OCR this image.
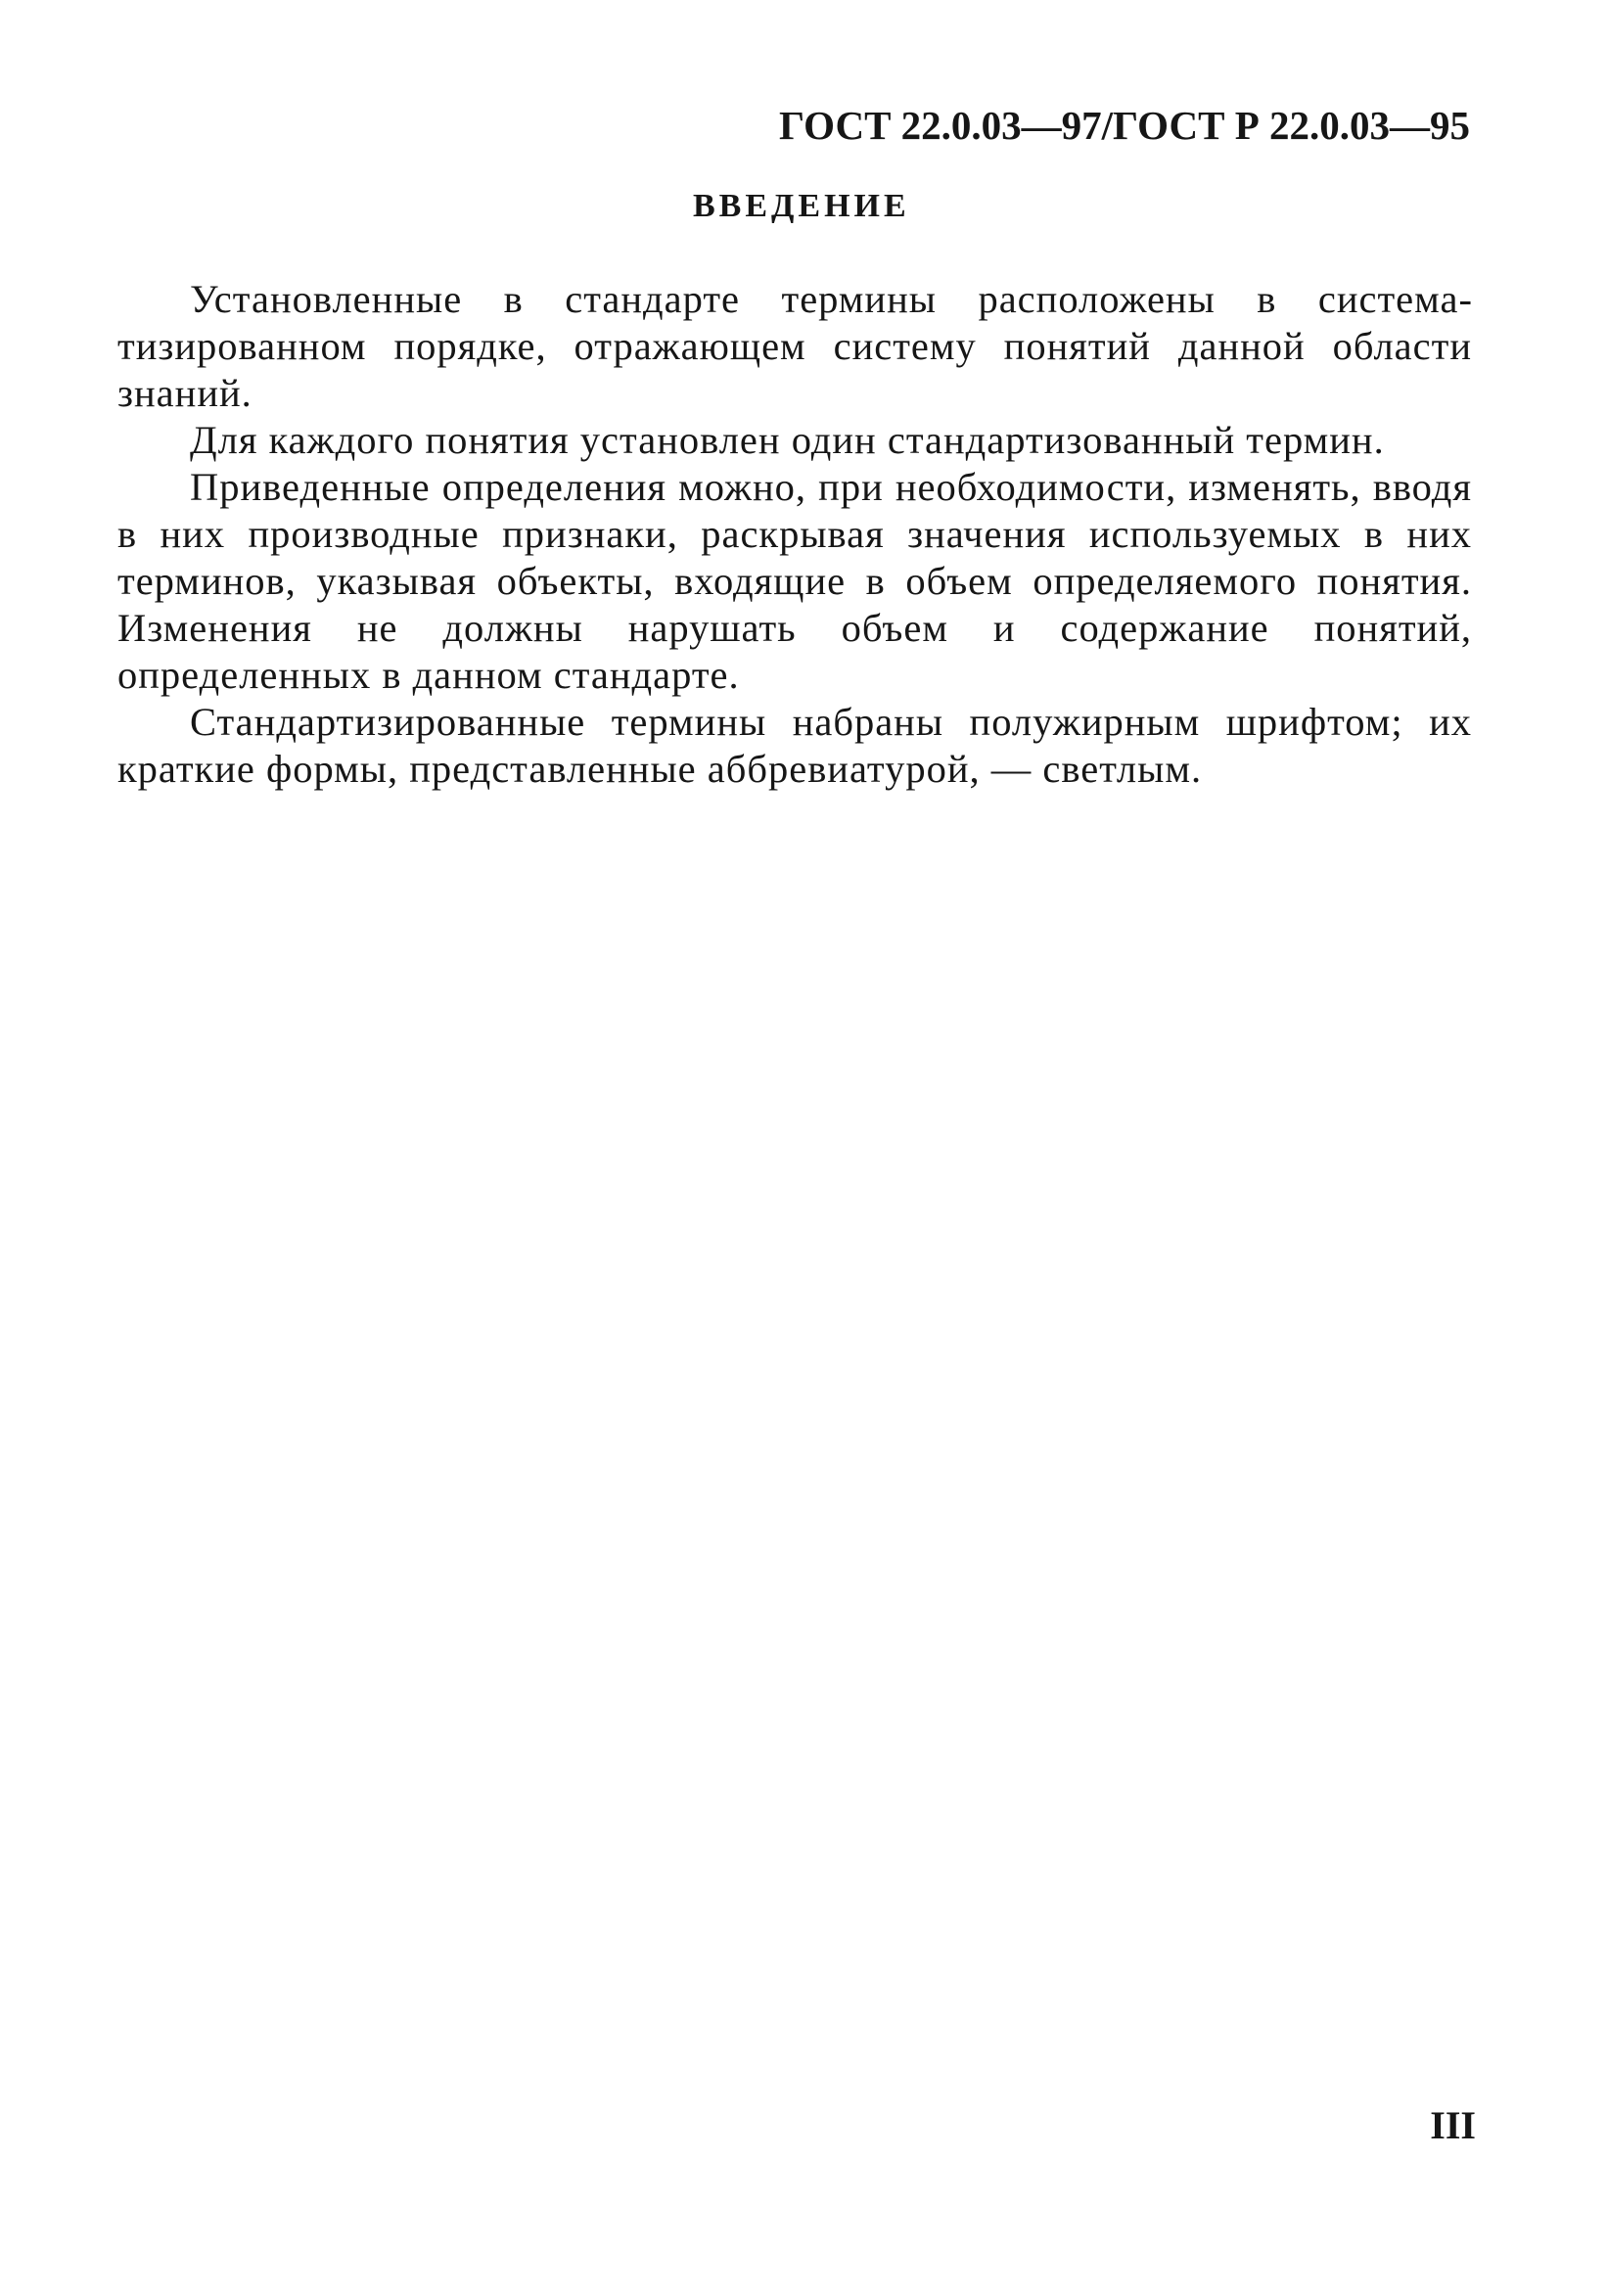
ГОСТ 22.0.03—97/ГОСТ Р 22.0.03—95
ВВЕДЕНИЕ

Установленные в стандарте термины расположены в систематизированном порядке, отражающем систему понятий данной области знаний.

Для каждого понятия установлен один стандартизованный термин.

Приведенные определения можно, при необходимости, изменять, вводя в них производные признаки, раскрывая значения используемых в них терминов, указывая объекты, входящие в объем определяемого понятия. Изменения не должны нарушать объем и содержание понятий, определенных в данном стандарте.

Стандартизированные термины набраны полужирным шрифтом; их краткие формы, представленные аббревиатурой, — светлым.

III
